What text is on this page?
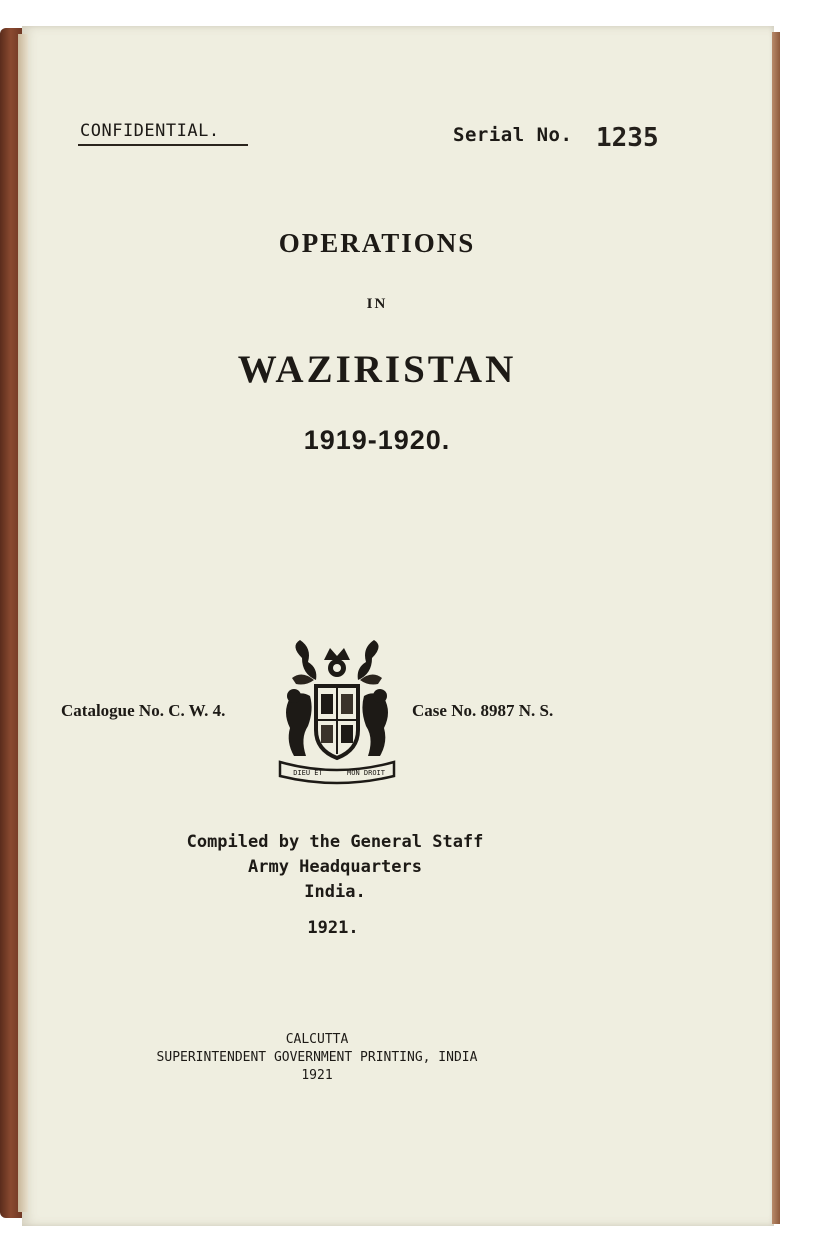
CONFIDENTIAL.	Serial No. 1235
OPERATIONS
IN
WAZIRISTAN
1919-1920.
Catalogue No. C. W. 4.	Case No. 8987 N. S.
DIEU ET	MON DROIT
Compiled by the General Staff
Army Headquarters
India.
1921.
CALCUTTA
SUPERINTENDENT GOVERNMENT PRINTING, INDIA
1921
